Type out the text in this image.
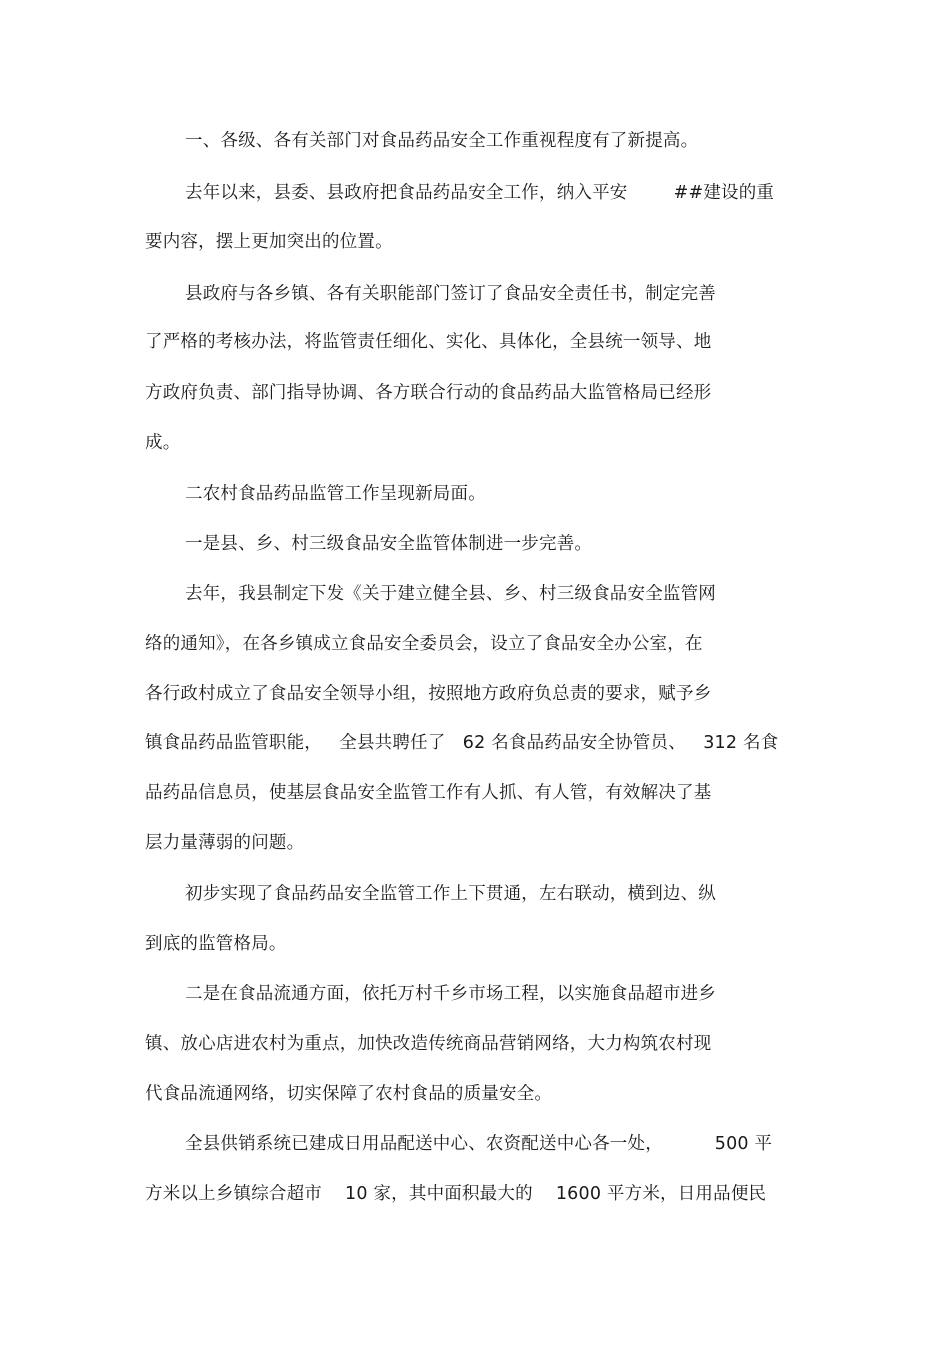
一、各级、各有关部门对食品药品安全工作重视程度有了新提高。
去年以来，县委、县政府把食品药品安全工作，纳入平安        ##建设的重
要内容，摆上更加突出的位置。
县政府与各乡镇、各有关职能部门签订了食品安全责任书，制定完善
了严格的考核办法，将监管责任细化、实化、具体化，全县统一领导、地
方政府负责、部门指导协调、各方联合行动的食品药品大监管格局已经形
成。
二农村食品药品监管工作呈现新局面。
一是县、乡、村三级食品安全监管体制进一步完善。
去年，我县制定下发《关于建立健全县、乡、村三级食品安全监管网
络的通知》，在各乡镇成立食品安全委员会，设立了食品安全办公室，在
各行政村成立了食品安全领导小组，按照地方政府负总责的要求，赋予乡
镇食品药品监管职能，   全县共聘任了   62 名食品药品安全协管员、   312 名食
品药品信息员，使基层食品安全监管工作有人抓、有人管，有效解决了基
层力量薄弱的问题。
初步实现了食品药品安全监管工作上下贯通，左右联动，横到边、纵
到底的监管格局。
二是在食品流通方面，依托万村千乡市场工程，以实施食品超市进乡
镇、放心店进农村为重点，加快改造传统商品营销网络，大力构筑农村现
代食品流通网络，切实保障了农村食品的质量安全。
全县供销系统已建成日用品配送中心、农资配送中心各一处，         500 平
方米以上乡镇综合超市    10 家，其中面积最大的    1600 平方米，日用品便民
